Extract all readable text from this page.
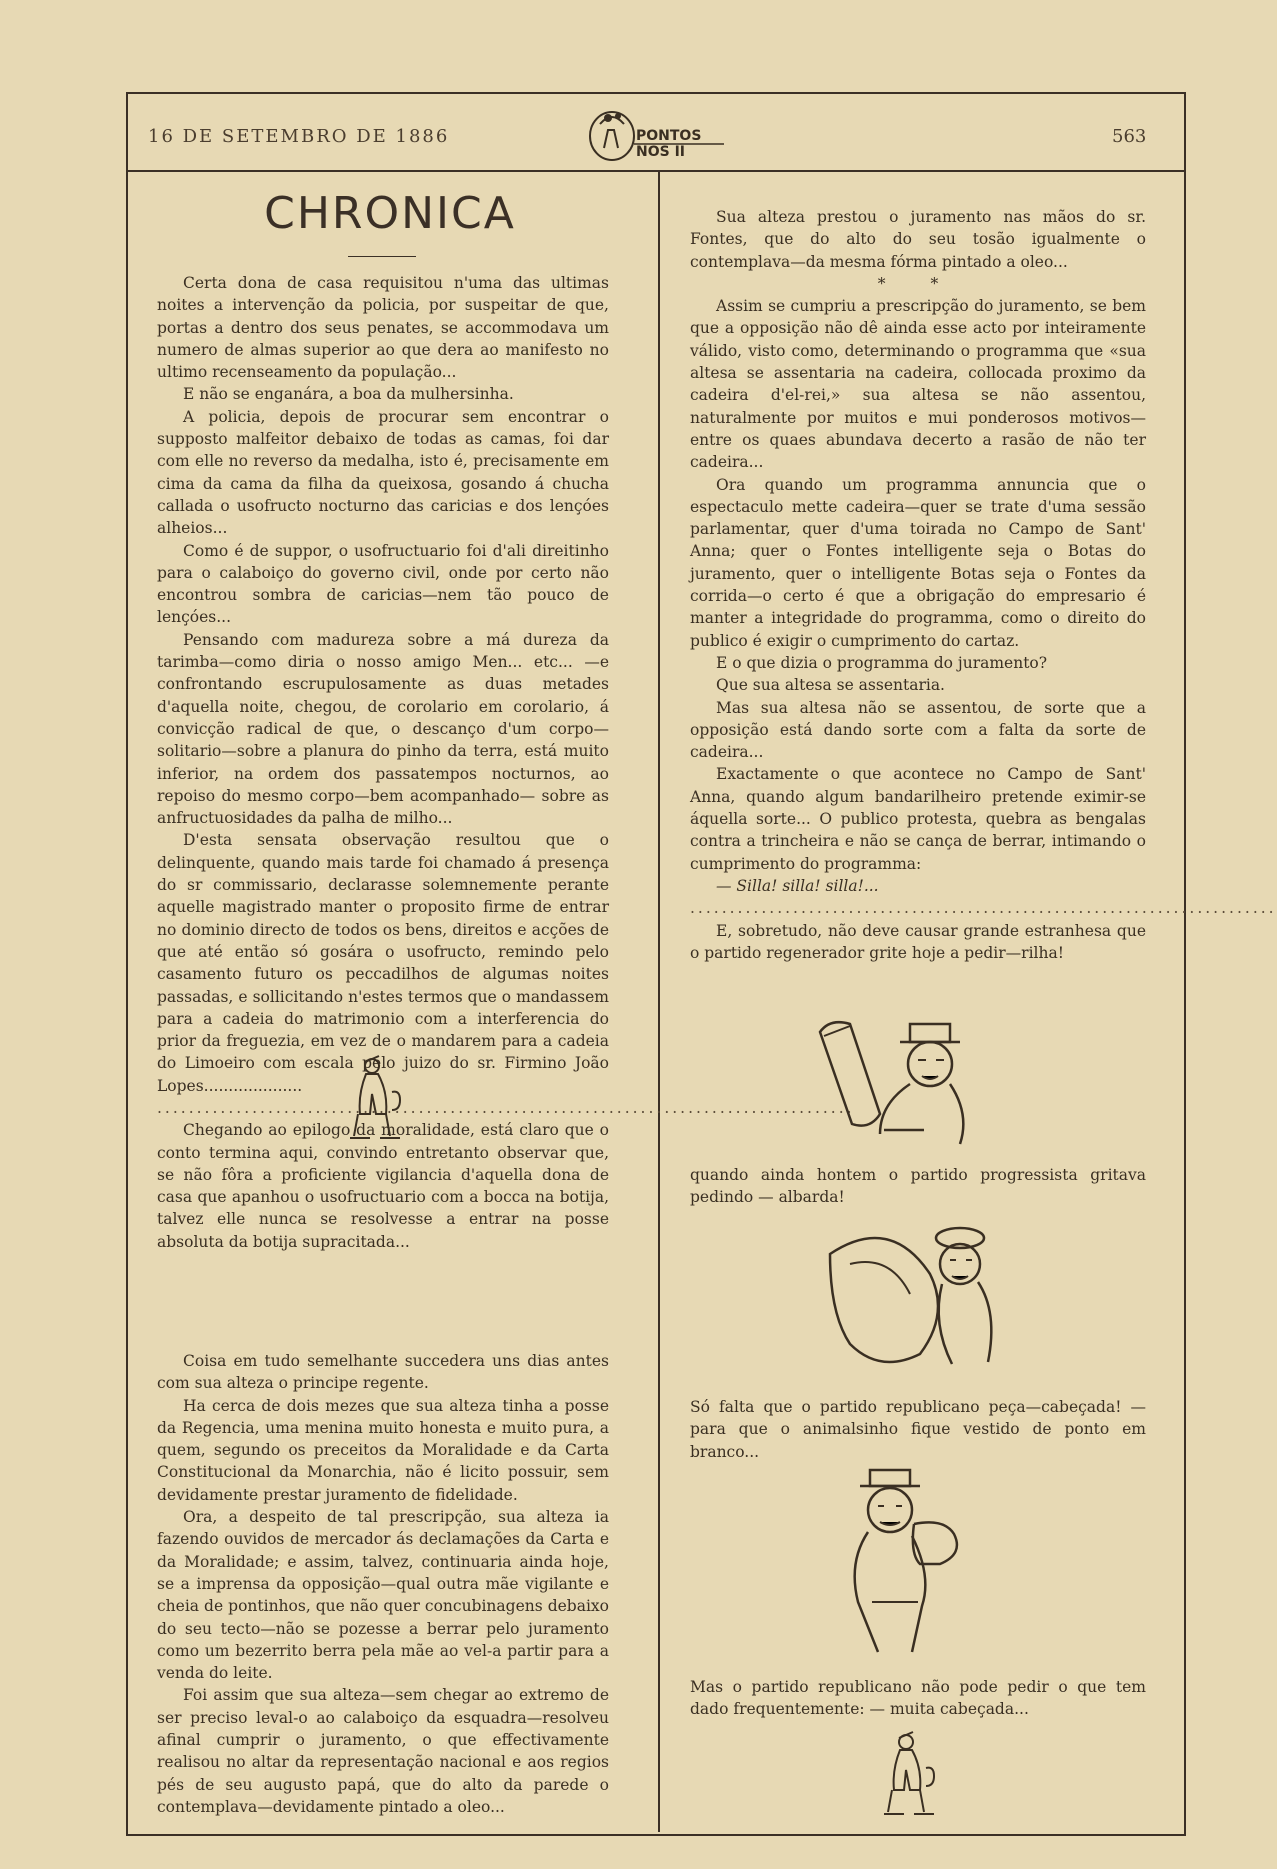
16 DE SETEMBRO DE 1886	PONTOS NOS II
563
CHRONICA

Certa dona de casa requisitou n'uma das ultimas noites a intervenção da policia, por suspeitar de que, portas a dentro dos seus penates, se accommodava um numero de almas superior ao que dera ao manifesto no ultimo recenseamento da população...

E não se enganára, a boa da mulhersinha.

A policia, depois de procurar sem encontrar o supposto malfeitor debaixo de todas as camas, foi dar com elle no reverso da medalha, isto é, precisamente em cima da cama da filha da queixosa, gosando á chucha callada o usofructo nocturno das caricias e dos lençóes alheios...

Como é de suppor, o usofructuario foi d'ali direitinho para o calaboiço do governo civil, onde por certo não encontrou sombra de caricias—nem tão pouco de lençóes...

Pensando com madureza sobre a má dureza da tarimba—como diria o nosso amigo Men... etc... —e confrontando escrupulosamente as duas metades d'aquella noite, chegou, de corolario em corolario, á convicção radical de que, o descanço d'um corpo—solitario—sobre a planura do pinho da terra, está muito inferior, na ordem dos passatempos nocturnos, ao repoiso do mesmo corpo—bem acompanhado— sobre as anfructuosidades da palha de milho...

D'esta sensata observação resultou que o delinquente, quando mais tarde foi chamado á presença do sr commissario, declarasse solemnemente perante aquelle magistrado manter o proposito firme de entrar no dominio directo de todos os bens, direitos e acções de que até então só gosára o usofructo, remindo pelo casamento futuro os peccadilhos de algumas noites passadas, e sollicitando n'estes termos que o mandassem para a cadeia do matrimonio com a interferencia do prior da freguezia, em vez de o mandarem para a cadeia do Limoeiro com escala pelo juizo do sr. Firmino João Lopes....................

........................................................................................

Chegando ao epilogo da moralidade, está claro que o conto termina aqui, convindo entretanto observar que, se não fôra a proficiente vigilancia d'aquella dona de casa que apanhou o usofructuario com a bocca na botija, talvez elle nunca se resolvesse a entrar na posse absoluta da botija supracitada...

Coisa em tudo semelhante succedera uns dias antes com sua alteza o principe regente.

Ha cerca de dois mezes que sua alteza tinha a posse da Regencia, uma menina muito honesta e muito pura, a quem, segundo os preceitos da Moralidade e da Carta Constitucional da Monarchia, não é licito possuir, sem devidamente prestar juramento de fidelidade.

Ora, a despeito de tal prescripção, sua alteza ia fazendo ouvidos de mercador ás declamações da Carta e da Moralidade; e assim, talvez, continuaria ainda hoje, se a imprensa da opposição—qual outra mãe vigilante e cheia de pontinhos, que não quer concubinagens debaixo do seu tecto—não se pozesse a berrar pelo juramento como um bezerrito berra pela mãe ao vel-a partir para a venda do leite.

Foi assim que sua alteza—sem chegar ao extremo de ser preciso leval-o ao calaboiço da esquadra—resolveu afinal cumprir o juramento, o que effectivamente realisou no altar da representação nacional e aos regios pés de seu augusto papá, que do alto da parede o contemplava—devidamente pintado a oleo...

Sua alteza prestou o juramento nas mãos do sr. Fontes, que do alto do seu tosão igualmente o contemplava—da mesma fórma pintado a oleo...

* *

Assim se cumpriu a prescripção do juramento, se bem que a opposição não dê ainda esse acto por inteiramente válido, visto como, determinando o programma que «sua altesa se assentaria na cadeira, collocada proximo da cadeira d'el-rei,» sua altesa se não assentou, naturalmente por muitos e mui ponderosos motivos—entre os quaes abundava decerto a rasão de não ter cadeira...

Ora quando um programma annuncia que o espectaculo mette cadeira—quer se trate d'uma sessão parlamentar, quer d'uma toirada no Campo de Sant' Anna; quer o Fontes intelligente seja o Botas do juramento, quer o intelligente Botas seja o Fontes da corrida—o certo é que a obrigação do empresario é manter a integridade do programma, como o direito do publico é exigir o cumprimento do cartaz.

E o que dizia o programma do juramento?

Que sua altesa se assentaria.

Mas sua altesa não se assentou, de sorte que a opposição está dando sorte com a falta da sorte de cadeira...

Exactamente o que acontece no Campo de Sant' Anna, quando algum bandarilheiro pretende eximir-se áquella sorte... O publico protesta, quebra as bengalas contra a trincheira e não se cança de berrar, intimando o cumprimento do programma:

— Silla! silla! silla!...

..........................................................................

E, sobretudo, não deve causar grande estranhesa que o partido regenerador grite hoje a pedir—rilha!

quando ainda hontem o partido progressista gritava pedindo — albarda!
Só falta que o partido republicano peça—cabeçada! — para que o animalsinho fique vestido de ponto em branco...
Mas o partido republicano não pode pedir o que tem dado frequentemente: — muita cabeçada...
